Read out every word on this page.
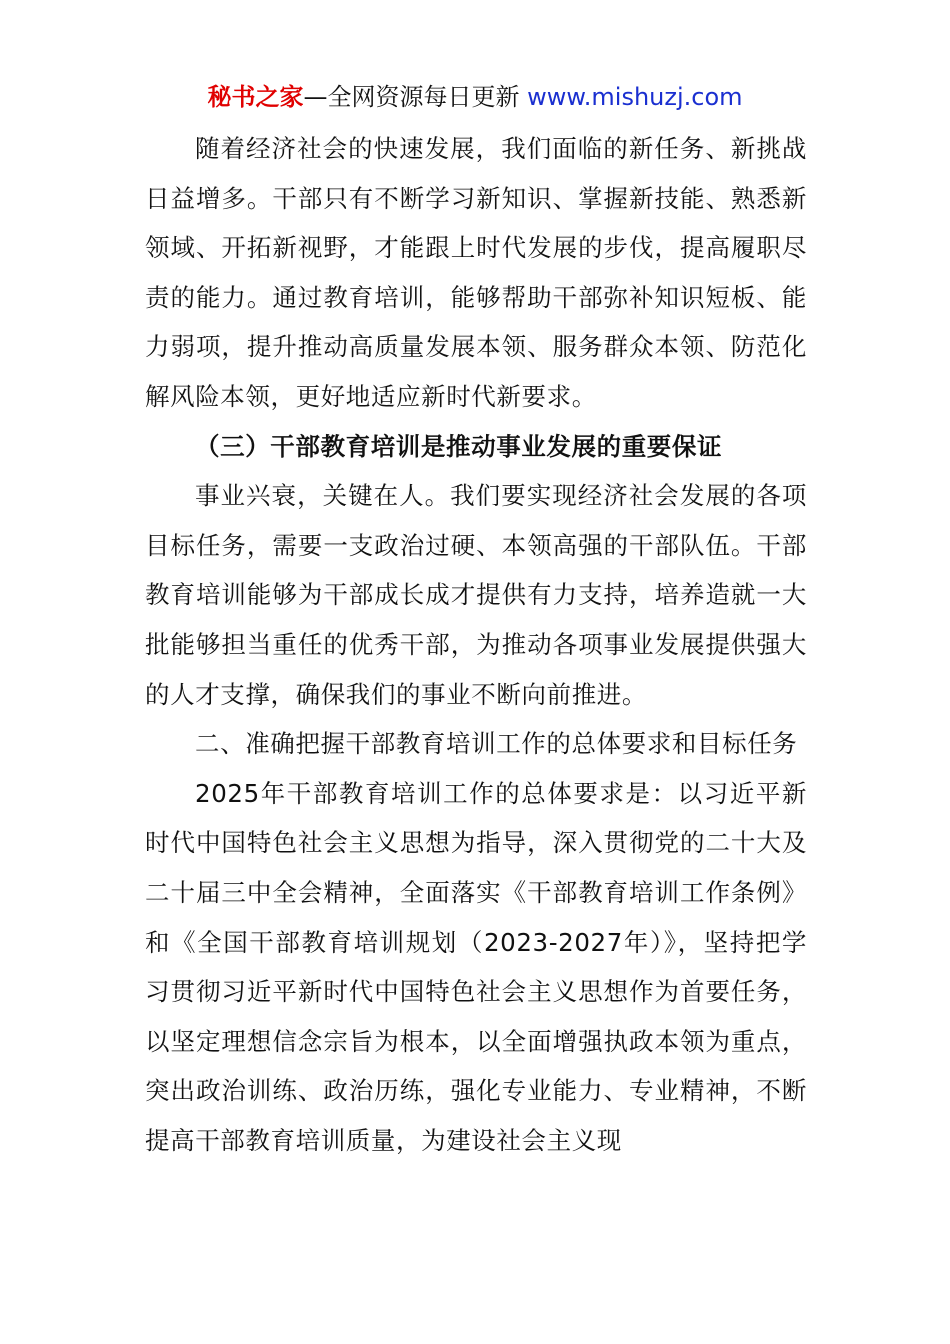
秘书之家—全网资源每日更新 www.mishuzj.com

随着经济社会的快速发展，我们面临的新任务、新挑战日益增多。干部只有不断学习新知识、掌握新技能、熟悉新领域、开拓新视野，才能跟上时代发展的步伐，提高履职尽责的能力。通过教育培训，能够帮助干部弥补知识短板、能力弱项，提升推动高质量发展本领、服务群众本领、防范化解风险本领，更好地适应新时代新要求。

（三）干部教育培训是推动事业发展的重要保证

事业兴衰，关键在人。我们要实现经济社会发展的各项目标任务，需要一支政治过硬、本领高强的干部队伍。干部教育培训能够为干部成长成才提供有力支持，培养造就一大批能够担当重任的优秀干部，为推动各项事业发展提供强大的人才支撑，确保我们的事业不断向前推进。

二、准确把握干部教育培训工作的总体要求和目标任务

2025年干部教育培训工作的总体要求是：以习近平新时代中国特色社会主义思想为指导，深入贯彻党的二十大及二十届三中全会精神，全面落实《干部教育培训工作条例》和《全国干部教育培训规划（2023-2027年）》，坚持把学习贯彻习近平新时代中国特色社会主义思想作为首要任务，以坚定理想信念宗旨为根本，以全面增强执政本领为重点，突出政治训练、政治历练，强化专业能力、专业精神，不断提高干部教育培训质量，为建设社会主义现
